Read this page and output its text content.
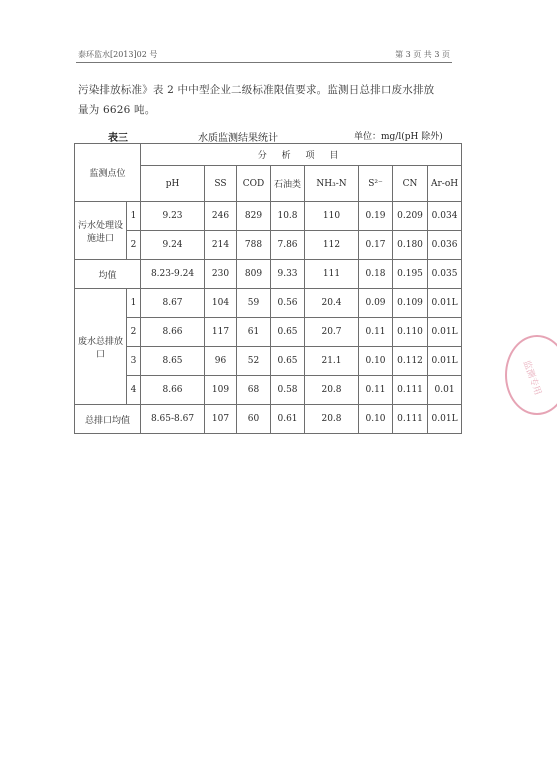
泰环监水[2013]02 号	第 3 页 共 3 页
污染排放标准》表 2 中中型企业二级标准限值要求。监测日总排口废水排放
量为 6626 吨。
表三	水质监测结果统计	单位：mg/l(pH 除外)
监测点位		分 析 项 目							
		pH	SS	COD	石油类	NH₃-N	S²⁻	CN	Ar-oH
污水处理设施进口	1	9.23	246	829	10.8	110	0.19	0.209	0.034
	2	9.24	214	788	7.86	112	0.17	0.180	0.036
均值		8.23-9.24	230	809	9.33	111	0.18	0.195	0.035
废水总排放口	1	8.67	104	59	0.56	20.4	0.09	0.109	0.01L
	2	8.66	117	61	0.65	20.7	0.11	0.110	0.01L
	3	8.65	96	52	0.65	21.1	0.10	0.112	0.01L
	4	8.66	109	68	0.58	20.8	0.11	0.111	0.01
总排口均值		8.65-8.67	107	60	0.61	20.8	0.10	0.111	0.01L
监测专用
